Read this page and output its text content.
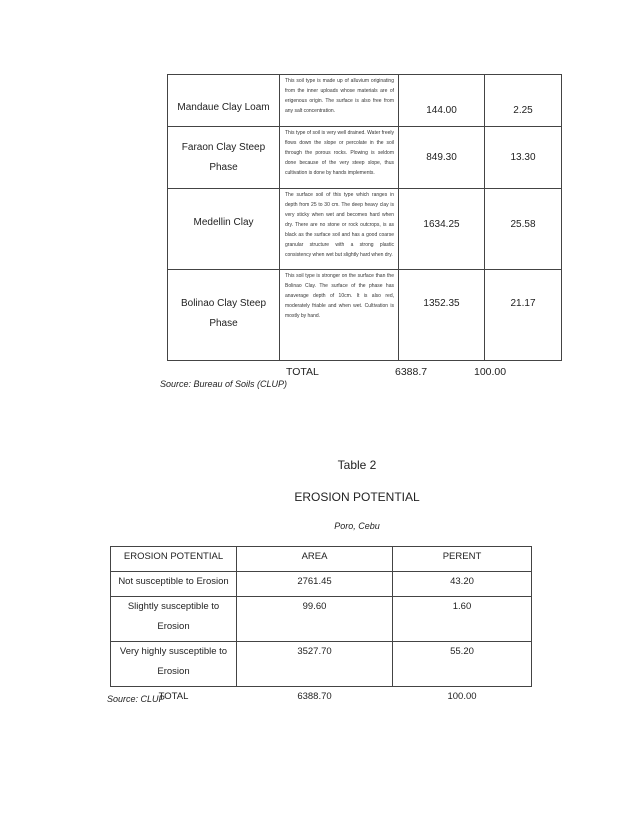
Mandaue Clay Loam	This soil type is made up of alluvium originating from the inner uploads whose materials are of erigenous origin. The surface is also free from any salt concentration.	144.00	2.25

Faraon Clay Steep Phase	This type of soil is very well drained. Water freely flows down the slope or percolate in the soil through the porous rocks. Plowing is seldom done because of the very steep slope, thus cultivation is done by hands implements.	849.30	13.30
Medellin Clay	The surface soil of this type which ranges in depth from 25 to 30 cm. The deep heavy clay is very sticky when wet and becomes hard when dry. There are no stone or rock outcrops, is as black as the surface soil and has a good coarse granular structure with a strong plastic consistency when wet but slightly hard when dry.	1634.25	25.58

Bolinao Clay Steep Phase	This soil type is stronger on the surface than the Bolinao Clay. The surface of the phase has anaverage depth of 10cm. It is also red, moderately friable and when wet. Cultivation is mostly by hand.	1352.35	21.17
TOTAL	6388.7	100.00
Source: Bureau of Soils (CLUP)
Table 2
EROSION POTENTIAL
Poro, Cebu
EROSION POTENTIAL	AREA	PERENT
Not susceptible to Erosion	2761.45	43.20

Slightly susceptible to
Erosion	99.60	1.60

Very highly susceptible to
Erosion	3527.70	55.20
TOTAL	6388.70	100.00
Source: CLUP
